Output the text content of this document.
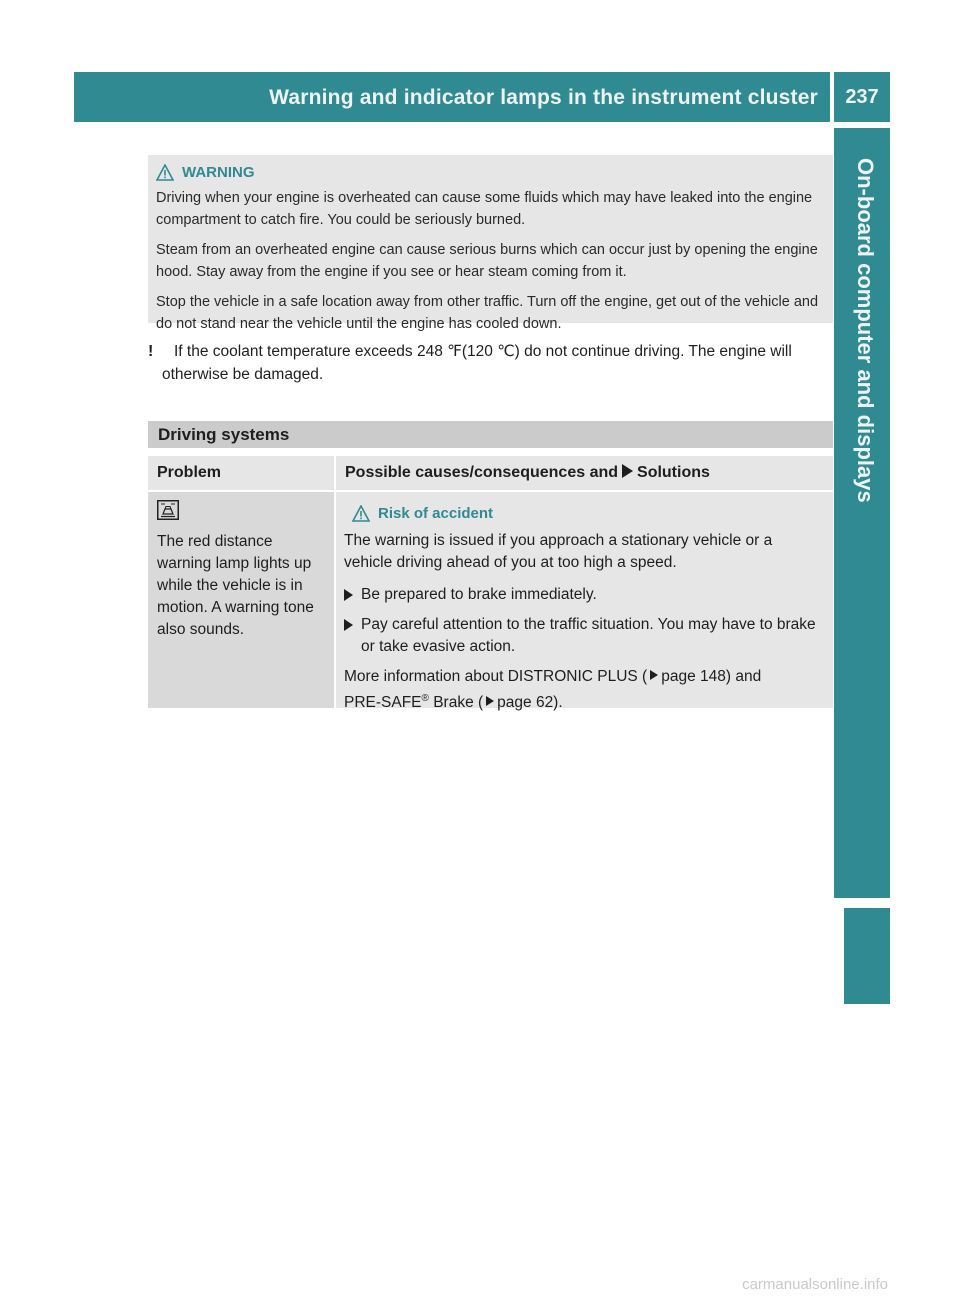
Warning and indicator lamps in the instrument cluster	237
On-board computer and displays
WARNING

Driving when your engine is overheated can cause some fluids which may have leaked into the engine compartment to catch fire. You could be seriously burned.

Steam from an overheated engine can cause serious burns which can occur just by opening the engine hood. Stay away from the engine if you see or hear steam coming from it.

Stop the vehicle in a safe location away from other traffic. Turn off the engine, get out of the vehicle and do not stand near the vehicle until the engine has cooled down.

!	If the coolant temperature exceeds 248 ℉(120 ℃) do not continue driving. The engine will otherwise be damaged.
Driving systems
Problem	Possible causes/consequences and Solutions
The red distance warning lamp lights up while the vehicle is in motion. A warning tone also sounds.
Risk of accident

The warning is issued if you approach a stationary vehicle or a vehicle driving ahead of you at too high a speed.

Be prepared to brake immediately.
Pay careful attention to the traffic situation. You may have to brake or take evasive action.

More information about DISTRONIC PLUS ( page 148) and
PRE-SAFE® Brake ( page 62).

carmanualsonline.info
